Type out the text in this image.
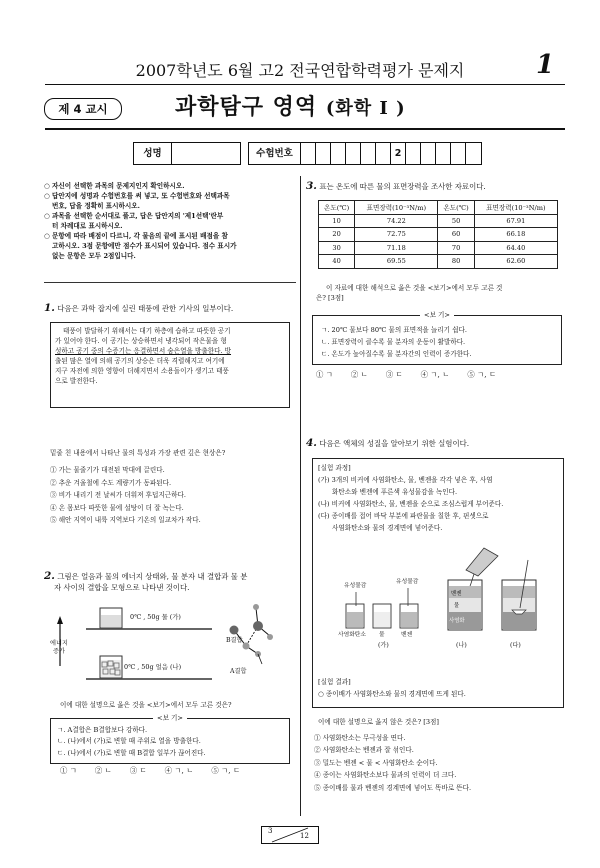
2007학년도 6월 고2 전국연합학력평가 문제지	1
제 4 교시	과학탐구 영역 (화학 I )
성명	수험번호	2
○ 자신이 선택한 과목의 문제지인지 확인하시오.
○ 답안지에 성명과 수험번호를 써 넣고, 또 수험번호와 선택과목
번호, 답을 정확히 표시하시오.
○ 과목을 선택한 순서대로 풀고, 답은 답안지의 '제1선택'란부
터 차례대로 표시하시오.
○ 문항에 따라 배점이 다르니, 각 물음의 끝에 표시된 배점을 참
고하시오. 3점 문항에만 점수가 표시되어 있습니다. 점수 표시가
없는 문항은 모두 2점입니다.
1. 다음은 과학 잡지에 실린 태풍에 관한 기사의 일부이다.
태풍이 발달하기 위해서는 대기 하층에 습하고 따뜻한 공기
가 있어야 한다. 이 공기는 상승하면서 냉각되어 작은물을 형
성하고 공기 중의 수증기는 응결하면서 숨은열을 방출한다. 방
출된 많은 열에 의해 공기의 상승은 더욱 격렬해지고 여기에
지구 자전에 의한 영향이 더해지면서 소용돌이가 생기고 태풍
으로 발전한다.
밑줄 친 내용에서 나타난 물의 특성과 가장 관련 깊은 현상은?
① 가는 물줄기가 대전된 막대에 끌린다.
② 추운 겨울철에 수도 계량기가 동파된다.
③ 비가 내리기 전 날씨가 더워져 후덥지근하다.
④ 온 몸보다 따뜻한 물에 설탕이 더 잘 녹는다.
⑤ 해안 지역이 내륙 지역보다 기온의 일교차가 작다.
2. 그림은 얼음과 물의 에너지 상태와, 물 분자 내 결합과 물 분
자 사이의 결합을 모형으로 나타낸 것이다.
에너지
증가
0℃ , 50g 물 (가)
0℃ , 50g 얼음 (나)
B결합
A결합
이에 대한 설명으로 옳은 것을 <보기>에서 모두 고른 것은?
<보 기>
ㄱ. A결합은 B결합보다 강하다.
ㄴ. (나)에서 (가)로 변할 때 주위로 열을 방출한다.
ㄷ. (나)에서 (가)로 변할 때 B결합 일부가 끊어진다.
① ㄱ ② ㄴ ③ ㄷ ④ ㄱ, ㄴ ⑤ ㄱ, ㄷ
3. 표는 온도에 따른 물의 표면장력을 조사한 자료이다.
온도(℃)	표면장력(10⁻³N/m)	온도(℃)	표면장력(10⁻³N/m)
10	74.22	50	67.91
20	72.75	60	66.18
30	71.18	70	64.40
40	69.55	80	62.60
이 자료에 대한 해석으로 옳은 것을 <보기>에서 모두 고른 것
은? [3점]
<보 기>
ㄱ. 20℃ 물보다 80℃ 물의 표면적을 늘리기 쉽다.
ㄴ. 표면장력이 클수록 물 분자의 운동이 활발하다.
ㄷ. 온도가 높아질수록 물 분자간의 인력이 증가한다.
① ㄱ ② ㄴ ③ ㄷ ④ ㄱ, ㄴ ⑤ ㄱ, ㄷ
4. 다음은 액체의 성질을 알아보기 위한 실험이다.
[실험 과정]
(가) 3개의 비커에 사염화탄소, 물, 벤젠을 각각 넣은 후, 사염
화탄소와 벤젠에 푸른색 유성물감을 녹인다.
(나) 비커에 사염화탄소, 물, 벤젠을 순으로 조심스럽게 부어준다.
(다) 종이배를 접어 바닥 부분에 파란물을 칠한 후, 핀셋으로
사염화탄소와 물의 경계면에 넣어준다.
유성물감
유성물감
사염화탄소 물	벤젠
(가)	(나)	(다)
벤젠
물
사염화
[실험 결과]
○ 종이배가 사염화탄소와 물의 경계면에 뜨게 된다.
이에 대한 설명으로 옳지 않은 것은? [3점]
① 사염화탄소는 무극성을 띤다.
② 사염화탄소는 벤젠과 잘 섞인다.
③ 밀도는 벤젠 < 물 < 사염화탄소 순이다.
④ 종이는 사염화탄소보다 물과의 인력이 더 크다.
⑤ 종이배를 물과 벤젠의 경계면에 넣어도 똑바로 뜬다.
3
12
